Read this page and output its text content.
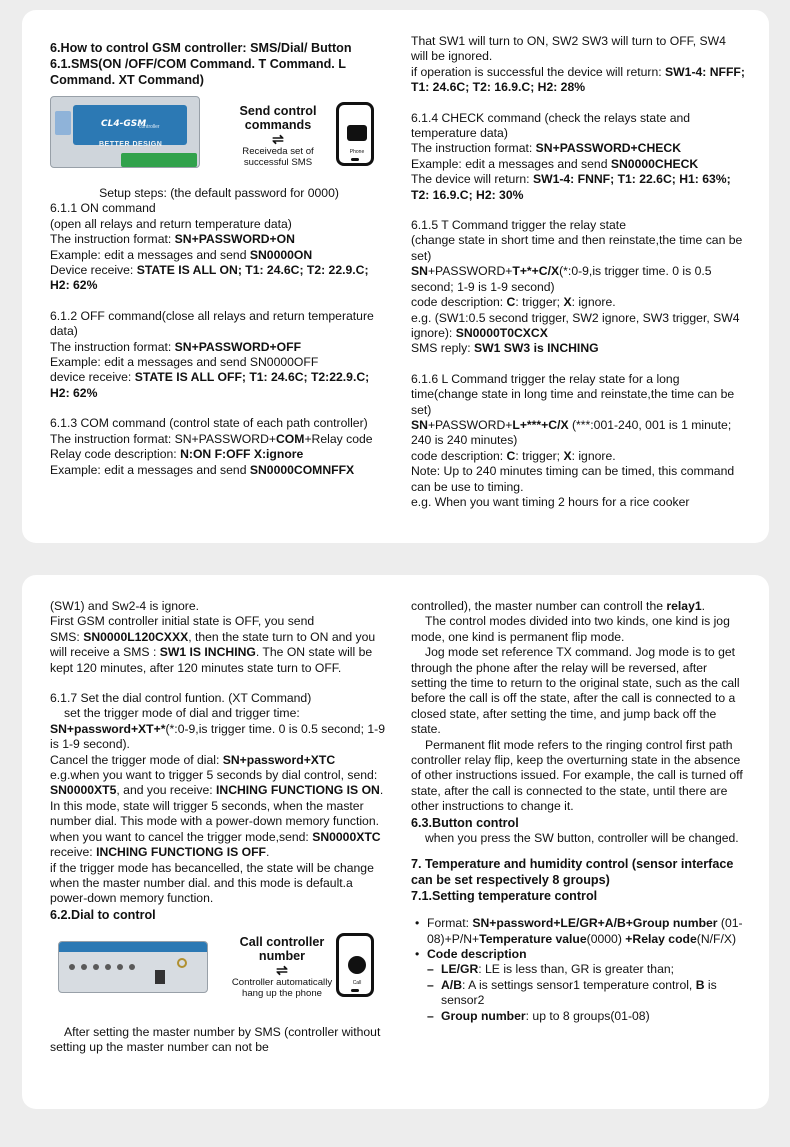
6.How to control GSM controller: SMS/Dial/ Button

6.1.SMS(ON /OFF/COM Command. T Command. L Command. XT Command)

CL4-GSM
controller
BETTER DESIGN
Send control commands
⇌
Receiveda set of successful SMS
Phone

Setup steps: (the default password for 0000)

6.1.1 ON command

(open all relays and return temperature data)

The instruction format: SN+PASSWORD+ON

Example: edit a messages and send SN0000ON

Device receive: STATE IS ALL ON; T1: 24.6C; T2: 22.9.C; H2: 62%

6.1.2 OFF command(close all relays and return temperature data)

The instruction format: SN+PASSWORD+OFF

Example: edit a messages and send SN0000OFF

device receive: STATE IS ALL OFF; T1: 24.6C; T2:22.9.C; H2: 62%

6.1.3 COM command (control state of each path controller)

The instruction format: SN+PASSWORD+COM+Relay code

Relay code description: N:ON F:OFF X:ignore

Example: edit a messages and send SN0000COMNFFX

That SW1 will turn to ON, SW2 SW3 will turn to OFF, SW4 will be ignored.

if operation is successful the device will return: SW1-4: NFFF; T1: 24.6C; T2: 16.9.C; H2: 28%

6.1.4 CHECK command (check the relays state and temperature data)

The instruction format: SN+PASSWORD+CHECK

Example: edit a messages and send SN0000CHECK

The device will return: SW1-4: FNNF; T1: 22.6C; H1: 63%; T2: 16.9.C; H2: 30%

6.1.5 T Command trigger the relay state

(change state in short time and then reinstate,the time can be set)

SN+PASSWORD+T+*+C/X(*:0-9,is trigger time. 0 is 0.5 second; 1-9 is 1-9 second)

code description: C: trigger; X: ignore.

e.g. (SW1:0.5 second trigger, SW2 ignore, SW3 trigger, SW4 ignore): SN0000T0CXCX

SMS reply: SW1 SW3 is INCHING

6.1.6 L Command trigger the relay state for a long time(change state in long time and reinstate,the time can be set)

SN+PASSWORD+L+***+C/X (***:001-240, 001 is 1 minute; 240 is 240 minutes)

code description: C: trigger; X: ignore.

Note: Up to 240 minutes timing can be timed, this command can be use to timing.

e.g. When you want timing 2 hours for a rice cooker

(SW1) and Sw2-4 is ignore.

First GSM controller initial state is OFF, you send

SMS: SN0000L120CXXX, then the state turn to ON and you will receive a SMS : SW1 IS INCHING. The ON state will be kept 120 minutes, after 120 minutes state turn to OFF.

6.1.7 Set the dial control funtion. (XT Command)

set the trigger mode of dial and trigger time:

SN+password+XT+*(*:0-9,is trigger time. 0 is 0.5 second; 1-9 is 1-9 second).

Cancel the trigger mode of dial: SN+password+XTC

e.g.when you want to trigger 5 seconds by dial control, send: SN0000XT5, and you receive: INCHING FUNCTIONG IS ON. In this mode, state will trigger 5 seconds, when the master number dial. This mode with a power-down memory function.

when you want to cancel the trigger mode,send: SN0000XTC receive: INCHING FUNCTIONG IS OFF.

if the trigger mode has becancelled, the state will be change when the master number dial. and this mode is default.a power-down memory function.

6.2.Dial to control

Call controller number
⇌
Controller automatically hang up the phone
Call

After setting the master number by SMS (controller without setting up the master number can not be

controlled), the master number can controll the relay1.

The control modes divided into two kinds, one kind is jog mode, one kind is permanent flip mode.

Jog mode set reference TX command. Jog mode is to get through the phone after the relay will be reversed, after setting the time to return to the original state, such as the call before the call is off the state, after the call is connected to a closed state, after setting the time, and jump back off the state.

Permanent flit mode refers to the ringing control first path controller relay flip, keep the overturning state in the absence of other instructions issued. For example, the call is turned off state, after the call is connected to the state, until there are other instructions to change it.

6.3.Button control

when you press the SW button, controller will be changed.

7. Temperature and humidity control (sensor interface can be set respectively 8 groups)

7.1.Setting temperature control

• Format: SN+password+LE/GR+A/B+Group number (01-08)+P/N+Temperature value(0000) +Relay code(N/F/X)

• Code description

– LE/GR: LE is less than, GR is greater than;

– A/B: A is settings sensor1 temperature control, B is sensor2

– Group number: up to 8 groups(01-08)
